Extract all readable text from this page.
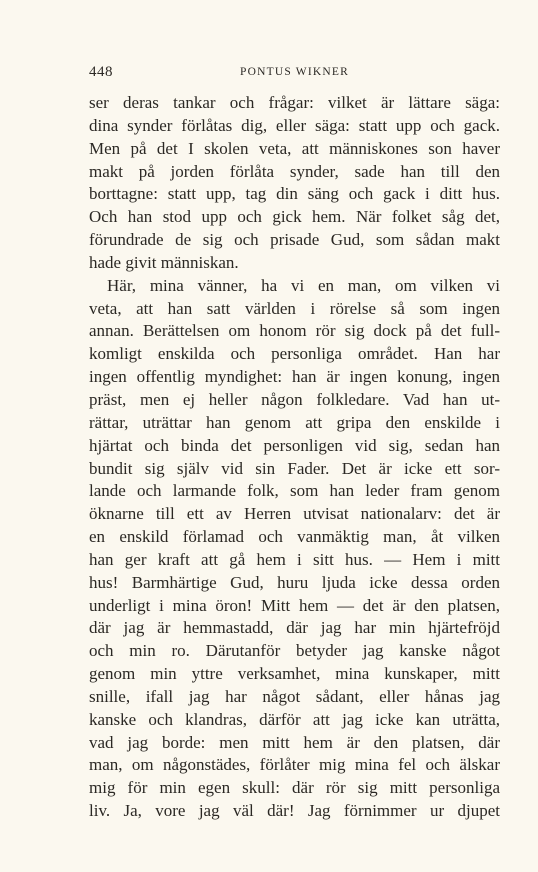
448	PONTUS WIKNER
ser deras tankar och frågar: vilket är lättare säga:
dina synder förlåtas dig, eller säga: statt upp och gack.
Men på det I skolen veta, att människones son haver
makt på jorden förlåta synder, sade han till den
borttagne: statt upp, tag din säng och gack i ditt hus.
Och han stod upp och gick hem. När folket såg det,
förundrade de sig och prisade Gud, som sådan makt
hade givit människan.
Här, mina vänner, ha vi en man, om vilken vi
veta, att han satt världen i rörelse så som ingen
annan. Berättelsen om honom rör sig dock på det full-
komligt enskilda och personliga området. Han har
ingen offentlig myndighet: han är ingen konung, ingen
präst, men ej heller någon folkledare. Vad han ut-
rättar, uträttar han genom att gripa den enskilde i
hjärtat och binda det personligen vid sig, sedan han
bundit sig själv vid sin Fader. Det är icke ett sor-
lande och larmande folk, som han leder fram genom
öknarne till ett av Herren utvisat nationalarv: det är
en enskild förlamad och vanmäktig man, åt vilken
han ger kraft att gå hem i sitt hus. — Hem i mitt
hus! Barmhärtige Gud, huru ljuda icke dessa orden
underligt i mina öron! Mitt hem — det är den platsen,
där jag är hemmastadd, där jag har min hjärtefröjd
och min ro. Därutanför betyder jag kanske något
genom min yttre verksamhet, mina kunskaper, mitt
snille, ifall jag har något sådant, eller hånas jag
kanske och klandras, därför att jag icke kan uträtta,
vad jag borde: men mitt hem är den platsen, där
man, om någonstädes, förlåter mig mina fel och älskar
mig för min egen skull: där rör sig mitt personliga
liv. Ja, vore jag väl där! Jag förnimmer ur djupet
